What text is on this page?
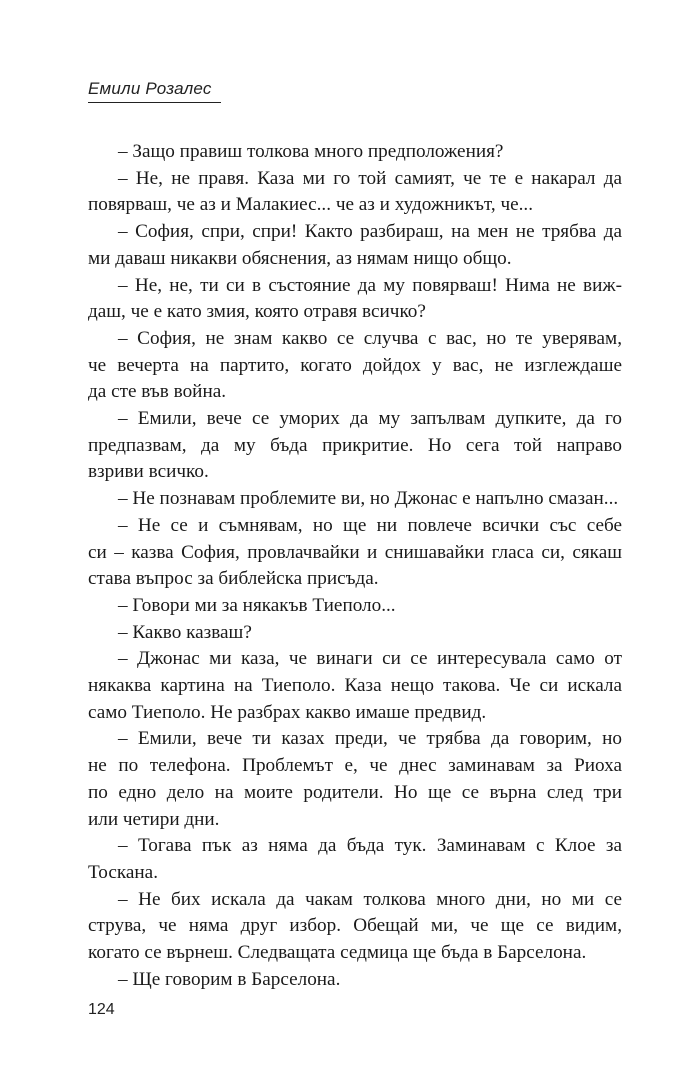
Емили Розалес
– Защо правиш толкова много предположения?
– Не, не правя. Каза ми го той самият, че те е накарал да
повярваш, че аз и Малакиес... че аз и художникът, че...
– София, спри, спри! Както разбираш, на мен не трябва да
ми даваш никакви обяснения, аз нямам нищо общо.
– Не, не, ти си в състояние да му повярваш! Нима не виж-
даш, че е като змия, която отравя всичко?
– София, не знам какво се случва с вас, но те уверявам,
че вечерта на партито, когато дойдох у вас, не изглеждаше
да сте във война.
– Емили, вече се уморих да му запълвам дупките, да го
предпазвам, да му бъда прикритие. Но сега той направо
взриви всичко.
– Не познавам проблемите ви, но Джонас е напълно смазан...
– Не се и съмнявам, но ще ни повлече всички със себе
си – казва София, провлачвайки и снишавайки гласа си, сякаш
става въпрос за библейска присъда.
– Говори ми за някакъв Тиеполо...
– Какво казваш?
– Джонас ми каза, че винаги си се интересувала само от
някаква картина на Тиеполо. Каза нещо такова. Че си искала
само Тиеполо. Не разбрах какво имаше предвид.
– Емили, вече ти казах преди, че трябва да говорим, но
не по телефона. Проблемът е, че днес заминавам за Риоха
по едно дело на моите родители. Но ще се върна след три
или четири дни.
– Тогава пък аз няма да бъда тук. Заминавам с Клое за
Тоскана.
– Не бих искала да чакам толкова много дни, но ми се
струва, че няма друг избор. Обещай ми, че ще се видим,
когато се върнеш. Следващата седмица ще бъда в Барселона.
– Ще говорим в Барселона.
124
